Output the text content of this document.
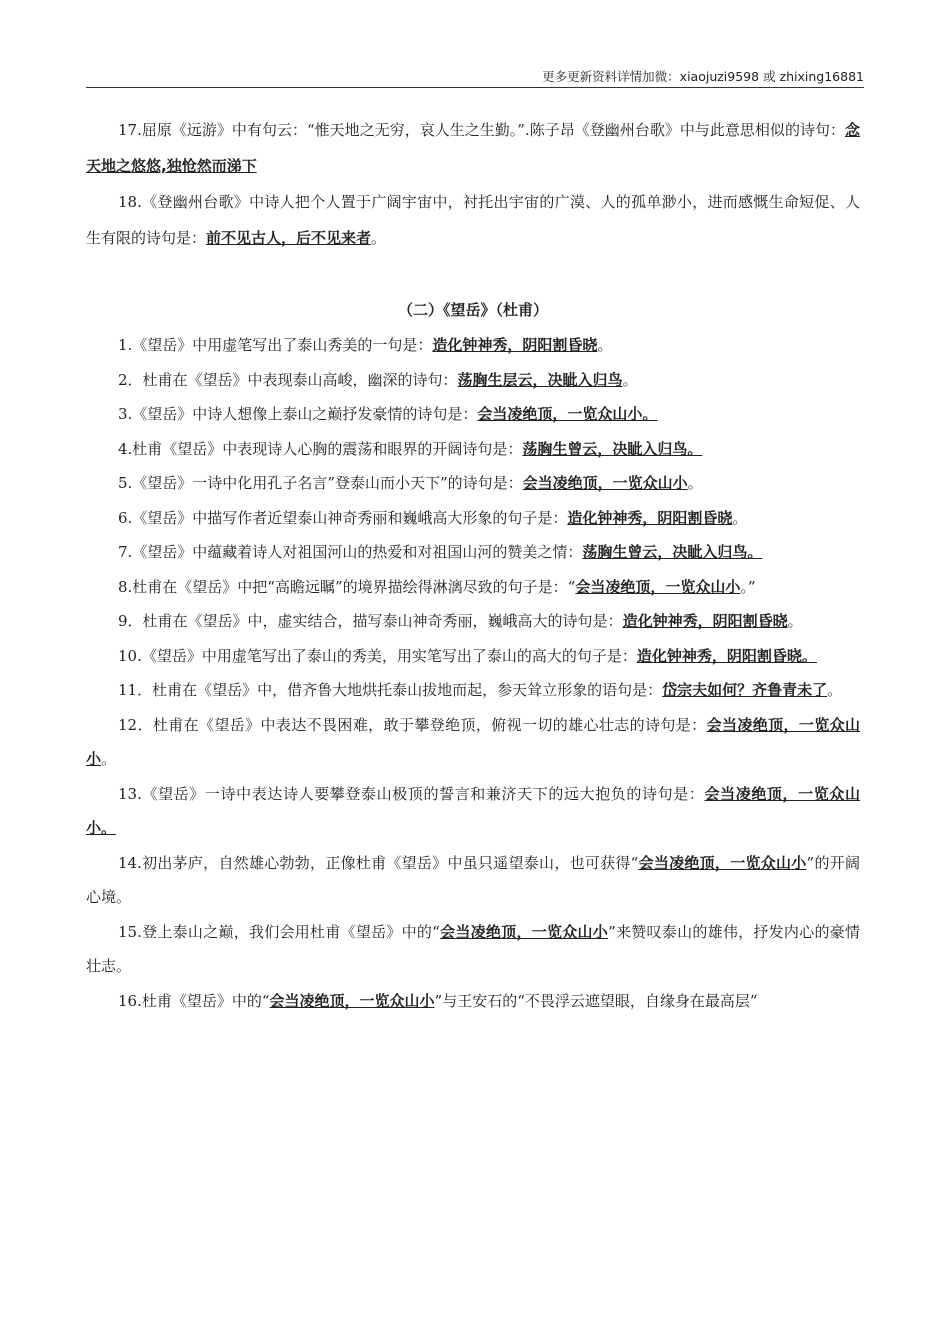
更多更新资料详情加微：xiaojuzi9598 或 zhixing16881

17.屈原《远游》中有句云：“惟天地之无穷，哀人生之生勤。”.陈子昂《登幽州台歌》中与此意思相似的诗句：念天地之悠悠,独怆然而涕下

18.《登幽州台歌》中诗人把个人置于广阔宇宙中，衬托出宇宙的广漠、人的孤单渺小，进而感慨生命短促、人生有限的诗句是：前不见古人，后不见来者。

（二）《望岳》（杜甫）

1.《望岳》中用虚笔写出了泰山秀美的一句是：造化钟神秀，阴阳割昏晓。

2．杜甫在《望岳》中表现泰山高峻，幽深的诗句：荡胸生层云，决眦入归鸟。

3.《望岳》中诗人想像上泰山之巅抒发豪情的诗句是：会当凌绝顶，一览众山小。

4.杜甫《望岳》中表现诗人心胸的震荡和眼界的开阔诗句是：荡胸生曾云，决眦入归鸟。

5.《望岳》一诗中化用孔子名言”登泰山而小天下”的诗句是：会当凌绝顶，一览众山小。

6.《望岳》中描写作者近望泰山神奇秀丽和巍峨高大形象的句子是：造化钟神秀，阴阳割昏晓。

7.《望岳》中蕴藏着诗人对祖国河山的热爱和对祖国山河的赞美之情：荡胸生曾云，决眦入归鸟。

8.杜甫在《望岳》中把“高瞻远瞩”的境界描绘得淋漓尽致的句子是：“会当凌绝顶，一览众山小。”

9．杜甫在《望岳》中，虚实结合，描写泰山神奇秀丽，巍峨高大的诗句是：造化钟神秀，阴阳割昏晓。

10.《望岳》中用虚笔写出了泰山的秀美，用实笔写出了泰山的高大的句子是：造化钟神秀，阴阳割昏晓。

11．杜甫在《望岳》中，借齐鲁大地烘托泰山拔地而起，参天耸立形象的语句是：岱宗夫如何？齐鲁青未了。

12．杜甫在《望岳》中表达不畏困难，敢于攀登绝顶，俯视一切的雄心壮志的诗句是：会当凌绝顶，一览众山小。

13.《望岳》一诗中表达诗人要攀登泰山极顶的誓言和兼济天下的远大抱负的诗句是：会当凌绝顶，一览众山小。

14.初出茅庐，自然雄心勃勃，正像杜甫《望岳》中虽只遥望泰山，也可获得“会当凌绝顶，一览众山小”的开阔心境。

15.登上泰山之巅，我们会用杜甫《望岳》中的“会当凌绝顶，一览众山小”来赞叹泰山的雄伟，抒发内心的豪情壮志。

16.杜甫《望岳》中的“会当凌绝顶，一览众山小”与王安石的“不畏浮云遮望眼，自缘身在最高层”
